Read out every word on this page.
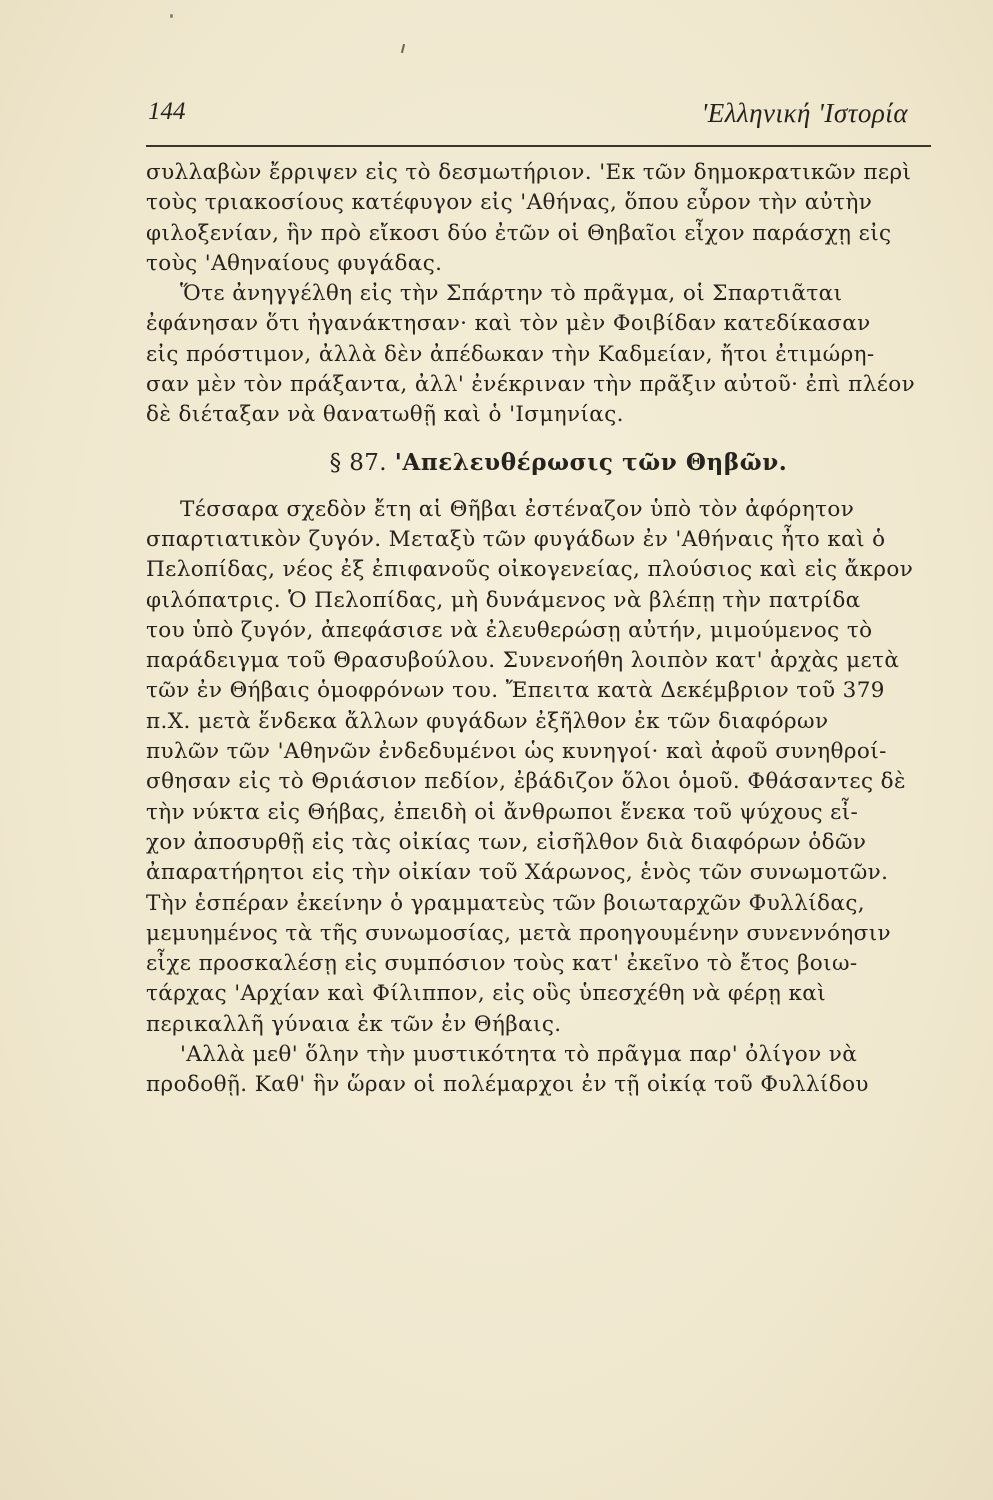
144	'Ελληνική 'Ιστορία
συλλαβὼν ἔρριψεν εἰς τὸ δεσμωτήριον. 'Εκ τῶν δημοκρατικῶν περὶ
τοὺς τριακοσίους κατέφυγον εἰς 'Αθήνας, ὅπου εὗρον τὴν αὐτὴν
φιλοξενίαν, ἣν πρὸ εἴκοσι δύο ἐτῶν οἱ Θηβαῖοι εἶχον παράσχῃ εἰς
τοὺς 'Αθηναίους φυγάδας.
Ὅτε ἀνηγγέλθη εἰς τὴν Σπάρτην τὸ πρᾶγμα, οἱ Σπαρτιᾶται
ἐφάνησαν ὅτι ἠγανάκτησαν· καὶ τὸν μὲν Φοιβίδαν κατεδίκασαν
εἰς πρόστιμον, ἀλλὰ δὲν ἀπέδωκαν τὴν Καδμείαν, ἤτοι ἐτιμώρη-
σαν μὲν τὸν πράξαντα, ἀλλ' ἐνέκριναν τὴν πρᾶξιν αὐτοῦ· ἐπὶ πλέον
δὲ διέταξαν νὰ θανατωθῇ καὶ ὁ 'Ισμηνίας.
§ 87. 'Απελευθέρωσις τῶν Θηβῶν.
Τέσσαρα σχεδὸν ἔτη αἱ Θῆβαι ἐστέναζον ὑπὸ τὸν ἀφόρητον
σπαρτιατικὸν ζυγόν. Μεταξὺ τῶν φυγάδων ἐν 'Αθήναις ἦτο καὶ ὁ
Πελοπίδας, νέος ἐξ ἐπιφανοῦς οἰκογενείας, πλούσιος καὶ εἰς ἄκρον
φιλόπατρις. Ὁ Πελοπίδας, μὴ δυνάμενος νὰ βλέπῃ τὴν πατρίδα
του ὑπὸ ζυγόν, ἀπεφάσισε νὰ ἐλευθερώσῃ αὐτήν, μιμούμενος τὸ
παράδειγμα τοῦ Θρασυβούλου. Συνενοήθη λοιπὸν κατ' ἀρχὰς μετὰ
τῶν ἐν Θήβαις ὁμοφρόνων του. Ἔπειτα κατὰ Δεκέμβριον τοῦ 379
π.Χ. μετὰ ἕνδεκα ἄλλων φυγάδων ἐξῆλθον ἐκ τῶν διαφόρων
πυλῶν τῶν 'Αθηνῶν ἐνδεδυμένοι ὡς κυνηγοί· καὶ ἀφοῦ συνηθροί-
σθησαν εἰς τὸ Θριάσιον πεδίον, ἐβάδιζον ὅλοι ὁμοῦ. Φθάσαντες δὲ
τὴν νύκτα εἰς Θήβας, ἐπειδὴ οἱ ἄνθρωποι ἕνεκα τοῦ ψύχους εἶ-
χον ἀποσυρθῇ εἰς τὰς οἰκίας των, εἰσῆλθον διὰ διαφόρων ὁδῶν
ἀπαρατήρητοι εἰς τὴν οἰκίαν τοῦ Χάρωνος, ἑνὸς τῶν συνωμοτῶν.
Τὴν ἑσπέραν ἐκείνην ὁ γραμματεὺς τῶν βοιωταρχῶν Φυλλίδας,
μεμυημένος τὰ τῆς συνωμοσίας, μετὰ προηγουμένην συνεννόησιν
εἶχε προσκαλέσῃ εἰς συμπόσιον τοὺς κατ' ἐκεῖνο τὸ ἔτος βοιω-
τάρχας 'Αρχίαν καὶ Φίλιππον, εἰς οὓς ὑπεσχέθη νὰ φέρῃ καὶ
περικαλλῆ γύναια ἐκ τῶν ἐν Θήβαις.
'Αλλὰ μεθ' ὅλην τὴν μυστικότητα τὸ πρᾶγμα παρ' ὀλίγον νὰ
προδοθῇ. Καθ' ἣν ὥραν οἱ πολέμαρχοι ἐν τῇ οἰκίᾳ τοῦ Φυλλίδου
